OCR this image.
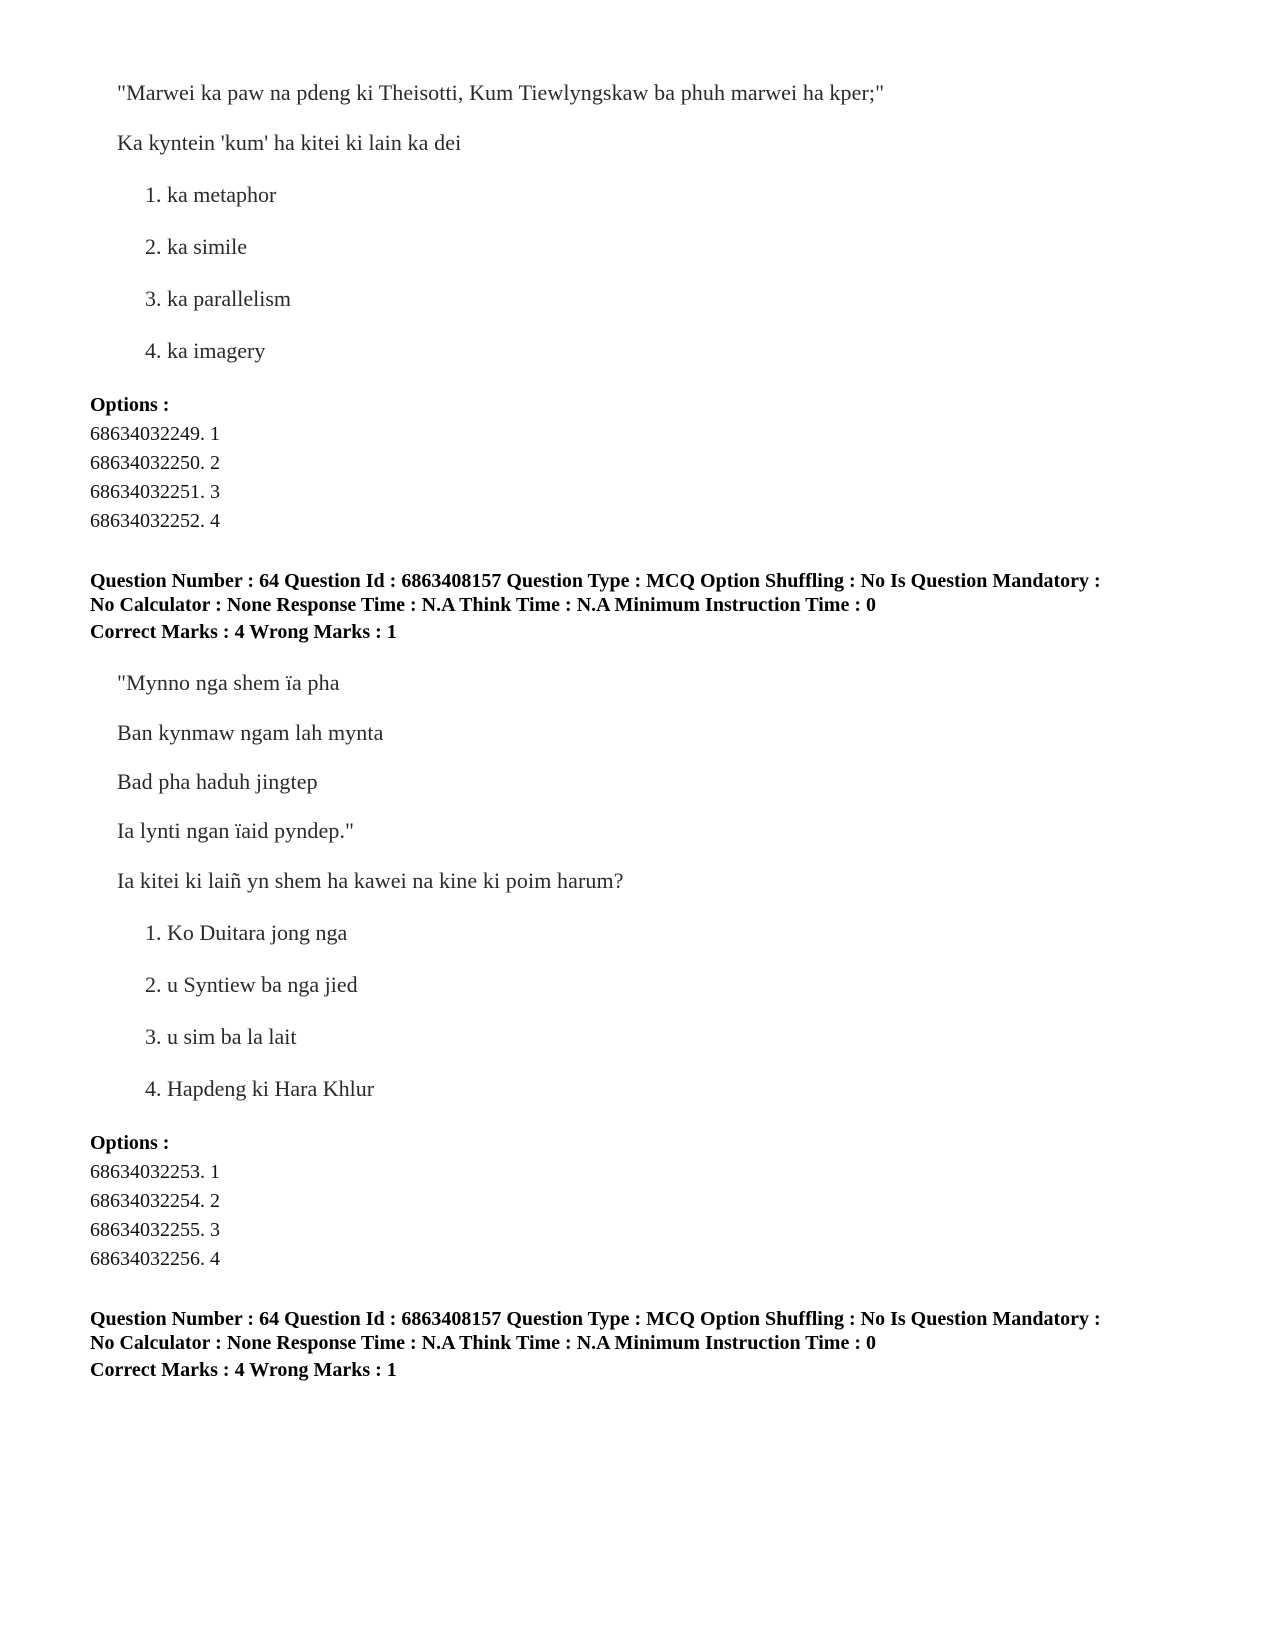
"Marwei ka paw na pdeng ki Theisotti, Kum Tiewlyngskaw ba phuh marwei ha kper;"
Ka kyntein 'kum' ha kitei ki lain ka dei
1. ka metaphor
2. ka simile
3. ka parallelism
4. ka imagery
Options :
68634032249. 1
68634032250. 2
68634032251. 3
68634032252. 4
Question Number : 64 Question Id : 6863408157 Question Type : MCQ Option Shuffling : No Is Question Mandatory :
No Calculator : None Response Time : N.A Think Time : N.A Minimum Instruction Time : 0
Correct Marks : 4 Wrong Marks : 1
"Mynno nga shem ïa pha
Ban kynmaw ngam lah mynta
Bad pha haduh jingtep
Ia lynti ngan ïaid pyndep."
Ia kitei ki laiñ yn shem ha kawei na kine ki poim harum?
1. Ko Duitara jong nga
2. u Syntiew ba nga jied
3. u sim ba la lait
4. Hapdeng ki Hara Khlur
Options :
68634032253. 1
68634032254. 2
68634032255. 3
68634032256. 4
Question Number : 64 Question Id : 6863408157 Question Type : MCQ Option Shuffling : No Is Question Mandatory :
No Calculator : None Response Time : N.A Think Time : N.A Minimum Instruction Time : 0
Correct Marks : 4 Wrong Marks : 1
